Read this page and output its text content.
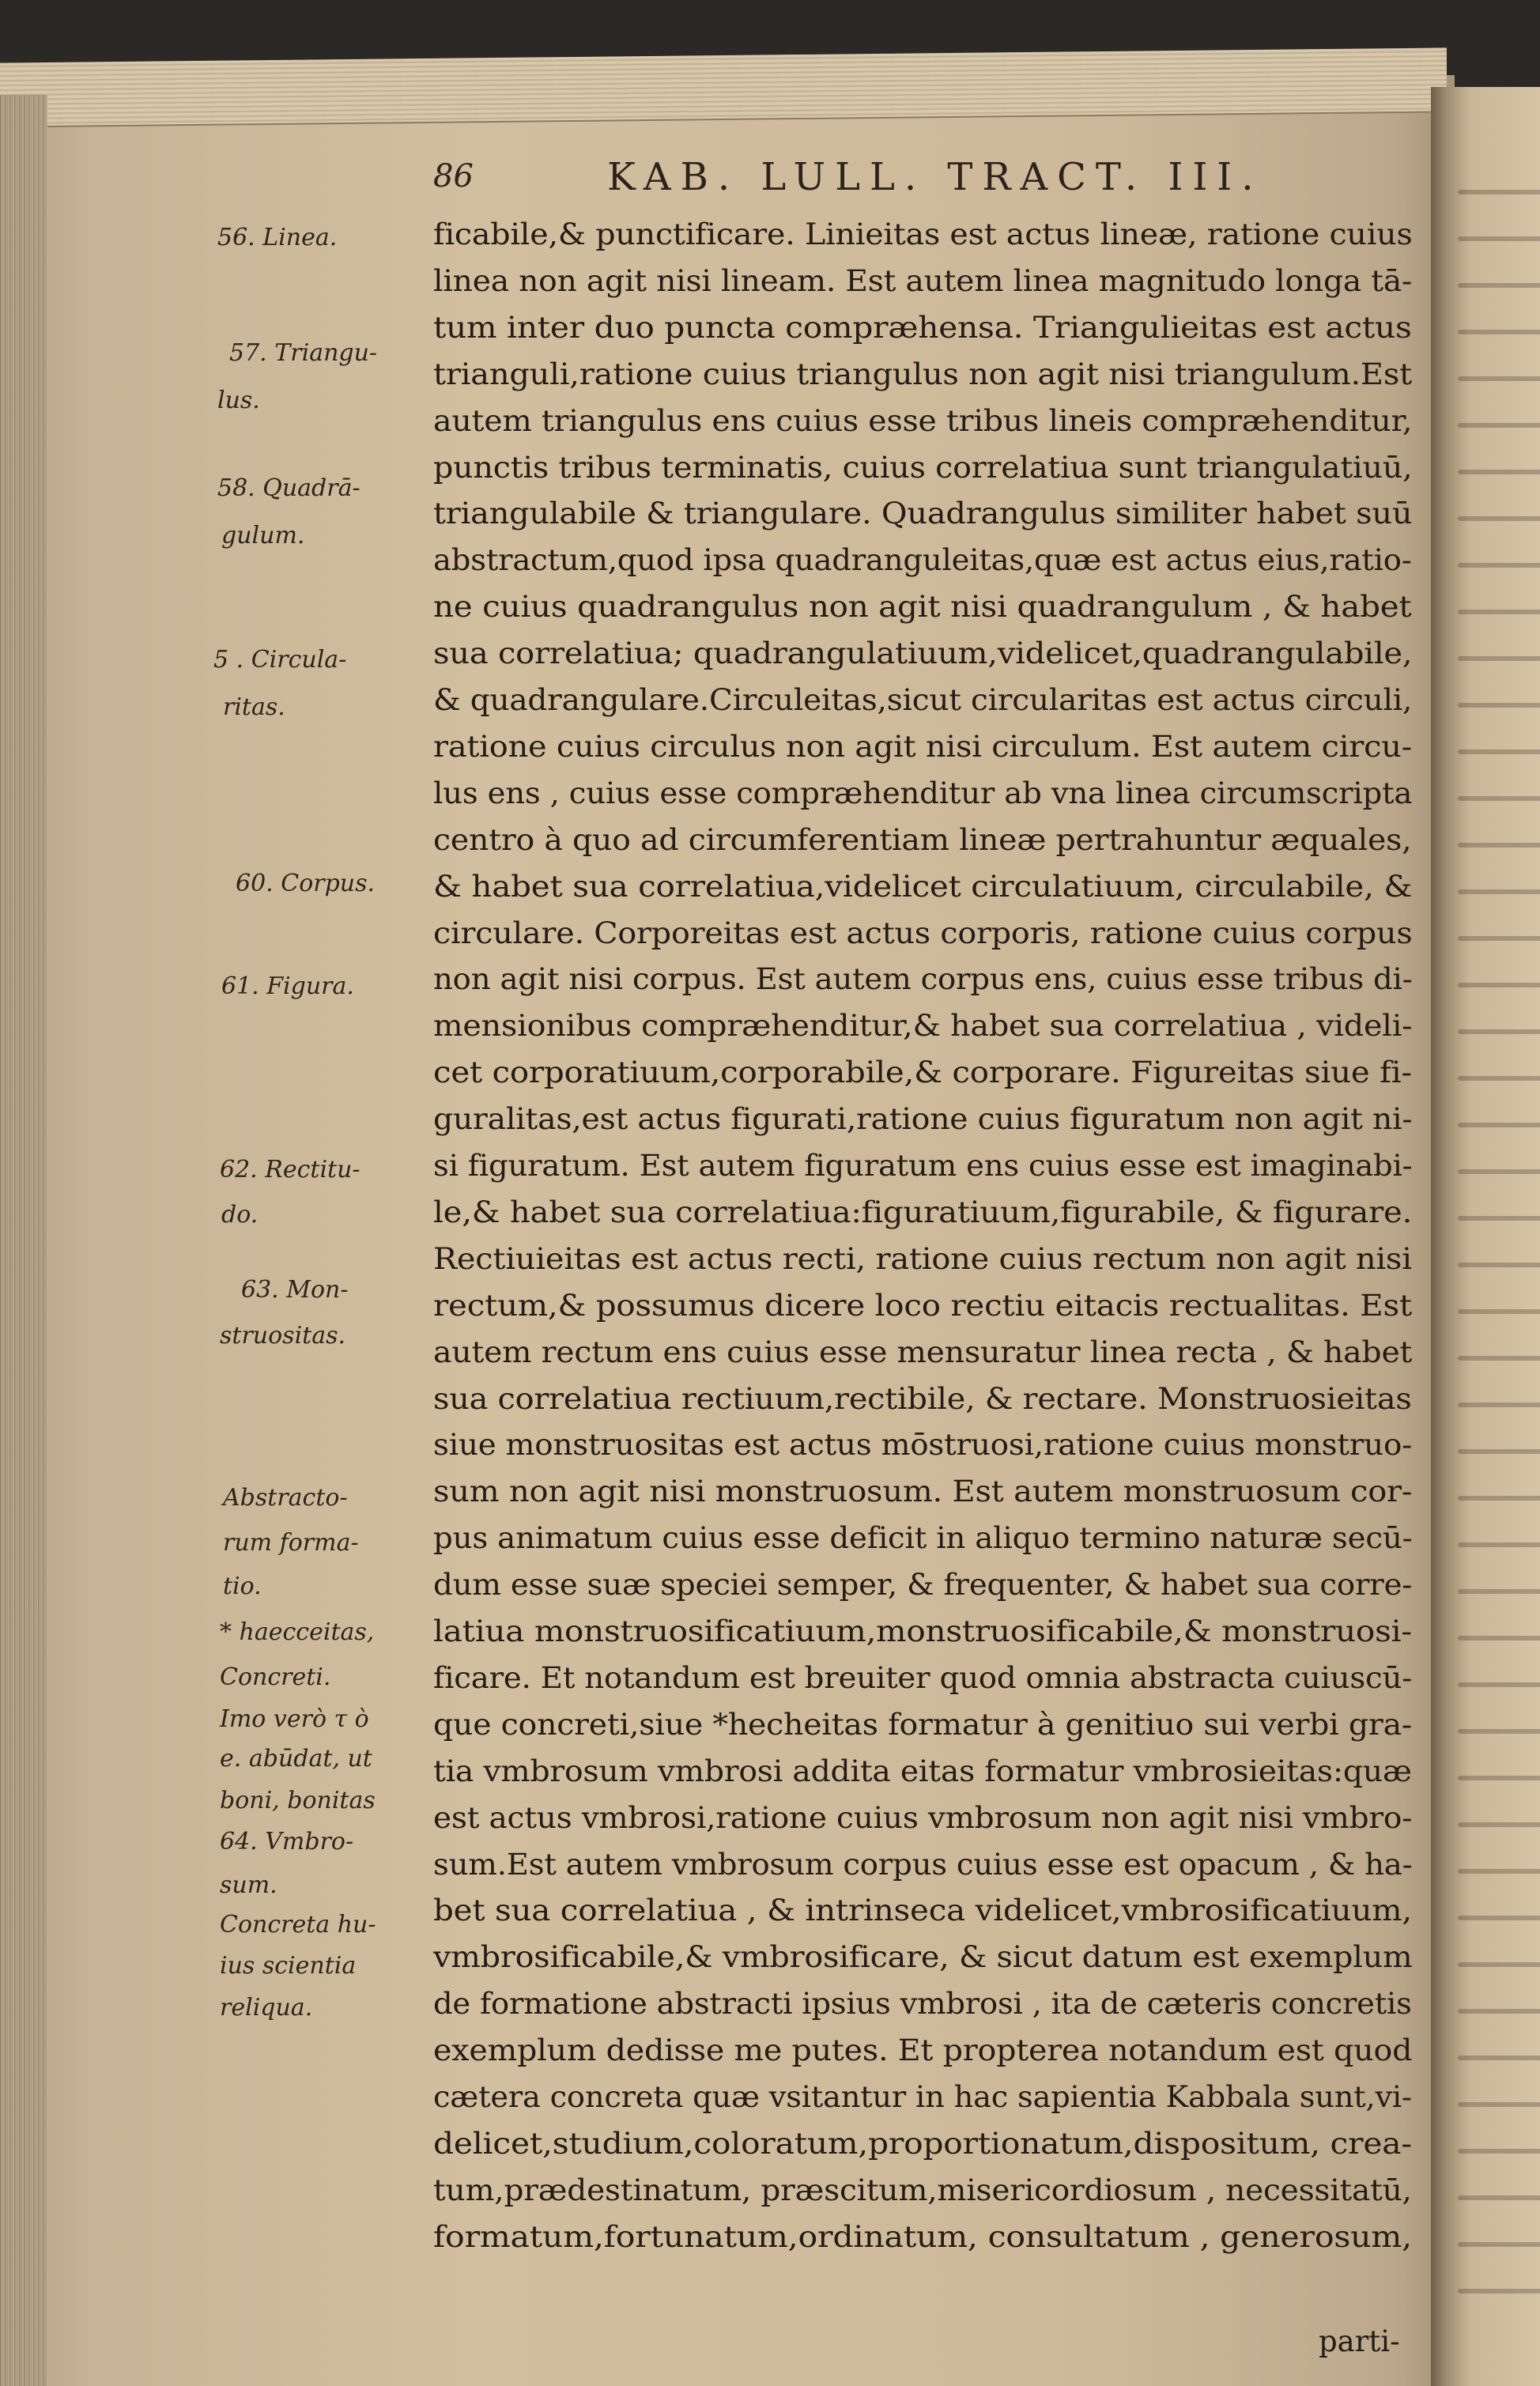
86	KAB. LULL. TRACT. III.
56. Linea.
57. Triangu-
lus.
58. Quadrā-
gulum.
5 . Circula-
ritas.
60. Corpus.
61. Figura.
62. Rectitu-
do.
63. Mon-
struositas.
Abstracto-
rum forma-
tio.
* haecceitas,
Concreti.
Imo verò τ ὸ
e. abūdat, ut
boni, bonitas
64. Vmbro-
sum.
Concreta hu-
ius scientia
reliqua.
ficabile,& punctificare. Linieitas est actus lineæ, ratione cuius
linea non agit nisi lineam. Est autem linea magnitudo longa tā-
tum inter duo puncta compræhensa. Triangulieitas est actus
trianguli,ratione cuius triangulus non agit nisi triangulum.Est
autem triangulus ens cuius esse tribus lineis compræhenditur,
punctis tribus terminatis, cuius correlatiua sunt triangulatiuū,
triangulabile & triangulare. Quadrangulus similiter habet suū
abstractum,quod ipsa quadranguleitas,quæ est actus eius,ratio-
ne cuius quadrangulus non agit nisi quadrangulum , & habet
sua correlatiua; quadrangulatiuum,videlicet,quadrangulabile,
& quadrangulare.Circuleitas,sicut circularitas est actus circuli,
ratione cuius circulus non agit nisi circulum. Est autem circu-
lus ens , cuius esse compræhenditur ab vna linea circumscripta
centro à quo ad circumferentiam lineæ pertrahuntur æquales,
& habet sua correlatiua,videlicet circulatiuum, circulabile, &
circulare. Corporeitas est actus corporis, ratione cuius corpus
non agit nisi corpus. Est autem corpus ens, cuius esse tribus di-
mensionibus compræhenditur,& habet sua correlatiua , videli-
cet corporatiuum,corporabile,& corporare. Figureitas siue fi-
guralitas,est actus figurati,ratione cuius figuratum non agit ni-
si figuratum. Est autem figuratum ens cuius esse est imaginabi-
le,& habet sua correlatiua:figuratiuum,figurabile, & figurare.
Rectiuieitas est actus recti, ratione cuius rectum non agit nisi
rectum,& possumus dicere loco rectiu eitacis rectualitas. Est
autem rectum ens cuius esse mensuratur linea recta , & habet
sua correlatiua rectiuum,rectibile, & rectare. Monstruosieitas
siue monstruositas est actus mōstruosi,ratione cuius monstruo-
sum non agit nisi monstruosum. Est autem monstruosum cor-
pus animatum cuius esse deficit in aliquo termino naturæ secū-
dum esse suæ speciei semper, & frequenter, & habet sua corre-
latiua monstruosificatiuum,monstruosificabile,& monstruosi-
ficare. Et notandum est breuiter quod omnia abstracta cuiuscū-
que concreti,siue *hecheitas formatur à genitiuo sui verbi gra-
tia vmbrosum vmbrosi addita eitas formatur vmbrosieitas:quæ
est actus vmbrosi,ratione cuius vmbrosum non agit nisi vmbro-
sum.Est autem vmbrosum corpus cuius esse est opacum , & ha-
bet sua correlatiua , & intrinseca videlicet,vmbrosificatiuum,
vmbrosificabile,& vmbrosificare, & sicut datum est exemplum
de formatione abstracti ipsius vmbrosi , ita de cæteris concretis
exemplum dedisse me putes. Et propterea notandum est quod
cætera concreta quæ vsitantur in hac sapientia Kabbala sunt,vi-
delicet,studium,coloratum,proportionatum,dispositum, crea-
tum,prædestinatum, præscitum,misericordiosum , necessitatū,
formatum,fortunatum,ordinatum, consultatum , generosum,
parti-
